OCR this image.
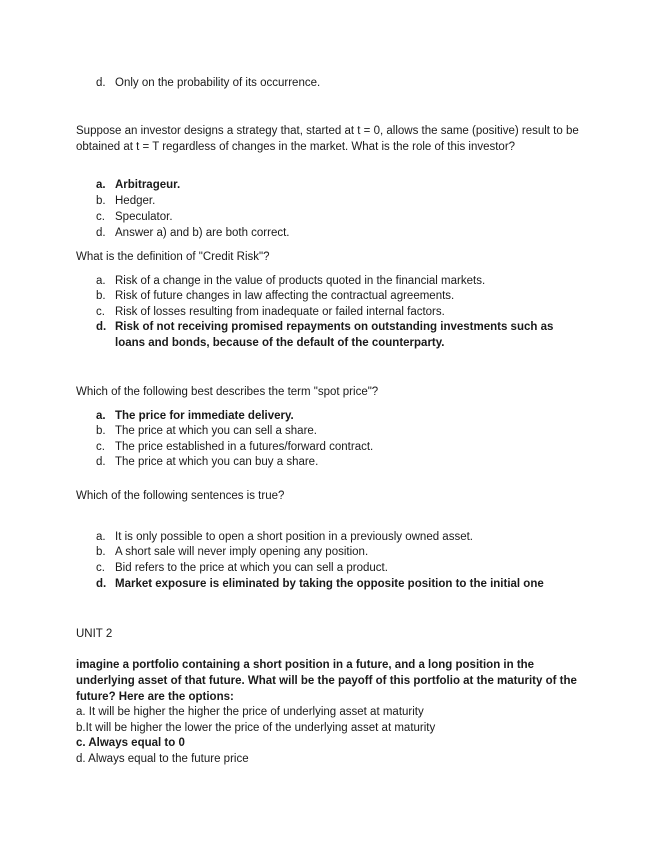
d. Only on the probability of its occurrence.

Suppose an investor designs a strategy that, started at t = 0, allows the same (positive) result to be obtained at t = T regardless of changes in the market. What is the role of this investor?

a. Arbitrageur.
b. Hedger.
c. Speculator.
d. Answer a) and b) are both correct.

What is the definition of "Credit Risk"?

a. Risk of a change in the value of products quoted in the financial markets.
b. Risk of future changes in law affecting the contractual agreements.
c. Risk of losses resulting from inadequate or failed internal factors.
d. Risk of not receiving promised repayments on outstanding investments such as loans and bonds, because of the default of the counterparty.

Which of the following best describes the term "spot price"?

a. The price for immediate delivery.
b. The price at which you can sell a share.
c. The price established in a futures/forward contract.
d. The price at which you can buy a share.

Which of the following sentences is true?

a. It is only possible to open a short position in a previously owned asset.
b. A short sale will never imply opening any position.
c. Bid refers to the price at which you can sell a product.
d. Market exposure is eliminated by taking the opposite position to the initial one

UNIT 2

imagine a portfolio containing a short position in a future, and a long position in the underlying asset of that future. What will be the payoff of this portfolio at the maturity of the future? Here are the options:

a. It will be higher the higher the price of underlying asset at maturity

b.It will be higher the lower the price of the underlying asset at maturity

c. Always equal to 0

d. Always equal to the future price
